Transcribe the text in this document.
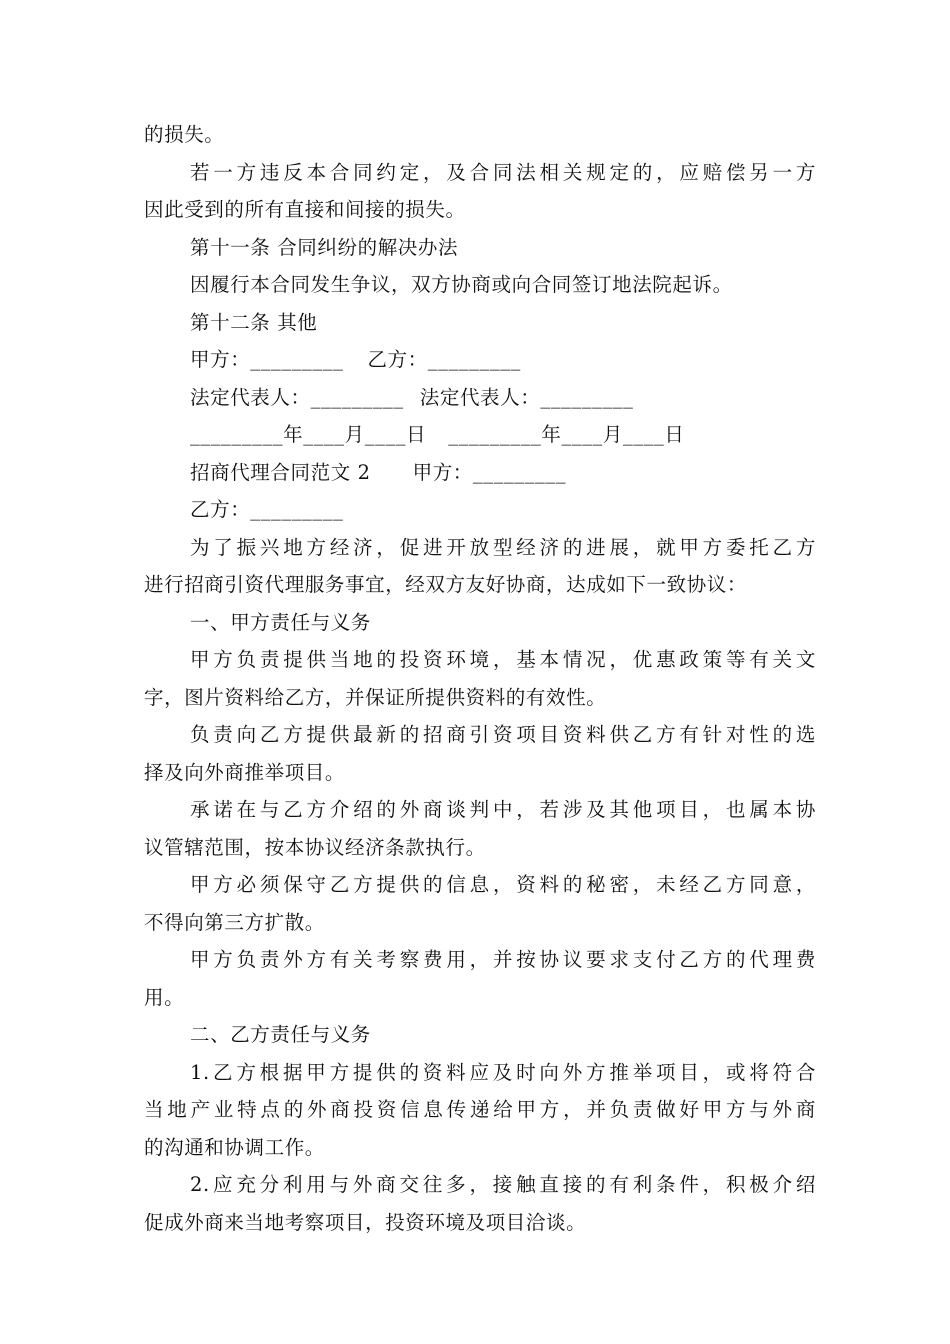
的损失。
若一方违反本合同约定，及合同法相关规定的，应赔偿另一方
因此受到的所有直接和间接的损失。
第十一条 合同纠纷的解决办法
因履行本合同发生争议，双方协商或向合同签订地法院起诉。
第十二条 其他
甲方：_________ 乙方：_________
法定代表人：_________ 法定代表人：_________
_________年____月____日 _________年____月____日
招商代理合同范文 2 甲方：_________
乙方：_________
为了振兴地方经济，促进开放型经济的进展，就甲方委托乙方
进行招商引资代理服务事宜，经双方友好协商，达成如下一致协议：
一、甲方责任与义务
甲方负责提供当地的投资环境，基本情况，优惠政策等有关文
字，图片资料给乙方，并保证所提供资料的有效性。
负责向乙方提供最新的招商引资项目资料供乙方有针对性的选
择及向外商推举项目。
承诺在与乙方介绍的外商谈判中，若涉及其他项目，也属本协
议管辖范围，按本协议经济条款执行。
甲方必须保守乙方提供的信息，资料的秘密，未经乙方同意，
不得向第三方扩散。
甲方负责外方有关考察费用，并按协议要求支付乙方的代理费
用。
二、乙方责任与义务
1.乙方根据甲方提供的资料应及时向外方推举项目，或将符合
当地产业特点的外商投资信息传递给甲方，并负责做好甲方与外商
的沟通和协调工作。
2.应充分利用与外商交往多，接触直接的有利条件，积极介绍
促成外商来当地考察项目，投资环境及项目洽谈。
